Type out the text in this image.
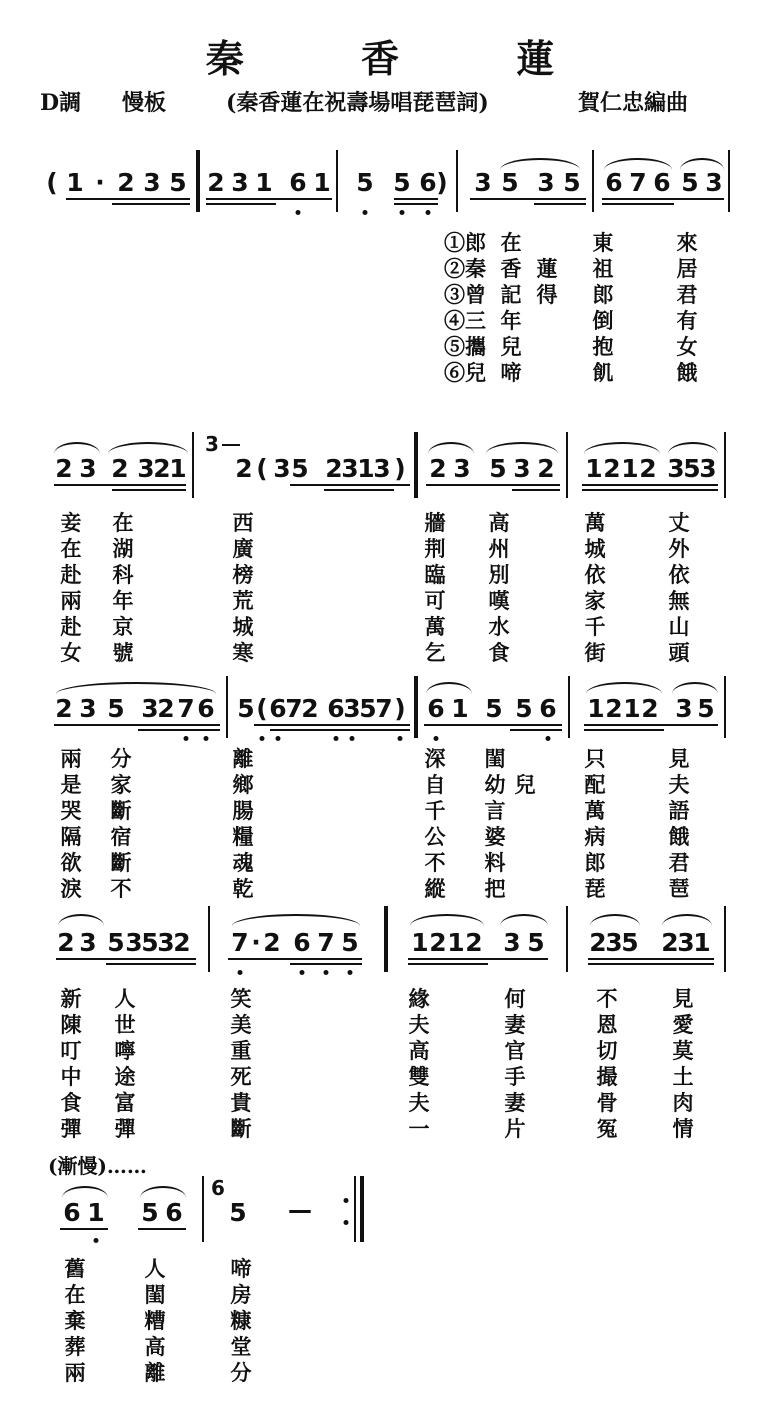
秦 香 蓮
D調 慢板	(秦香蓮在祝壽場唱琵琶詞)	賀仁忠編曲
( 1 · 2 3 5 2 3 1 6 1 5 5 6 ) 3 5 3 5 6 7 6 5 3
①郎
②秦
③曾
④三
⑤攜
⑥兒
在
香
記
年
兒
啼
蓮
得
東
祖
郎
倒
抱
飢
來
居
君
有
女
餓
2 3 2 3
2
1
3
2 ( 3 5 2
3
1
3 ) 2 3 5 3 2 1 2 1 2 3
5
3
妾
在
赴
兩
赴
女
在
湖
科
年
京
號
西
廣
榜
荒
城
寒
牆
荆
臨
可
萬
乞
高
州
別
嘆
水
食
萬
城
依
家
千
街
丈
外
依
無
山
頭
2 3 5 3
2 7 6 5 ( 6
7
2 6
3
5
7 ) 6 1 5 5 6 1 2 1 2 3 5
兩
是
哭
隔
欲
淚
分
家
斷
宿
斷
不
離
鄉
腸
糧
魂
乾
深
自
千
公
不
縱
閨
幼
言
婆
料
把
兒
只
配
萬
病
郎
琵
見
夫
語
餓
君
琶
2 3 5 3
5
3
2 7 · 2 6 7 5 1 2 1 2 3 5 2
3
5 2
3
1
新
陳
叮
中
食
彈
人
世
嚀
途
富
彈
笑
美
重
死
貴
斷
緣
夫
高
雙
夫
一
何
妻
官
手
妻
片
不
恩
切
撮
骨
冤
見
愛
莫
土
肉
情
(漸慢)……
6 1 5 6
6
5 —
舊
在
棄
葬
兩
人
閨
糟
高
離
啼
房
糠
堂
分
